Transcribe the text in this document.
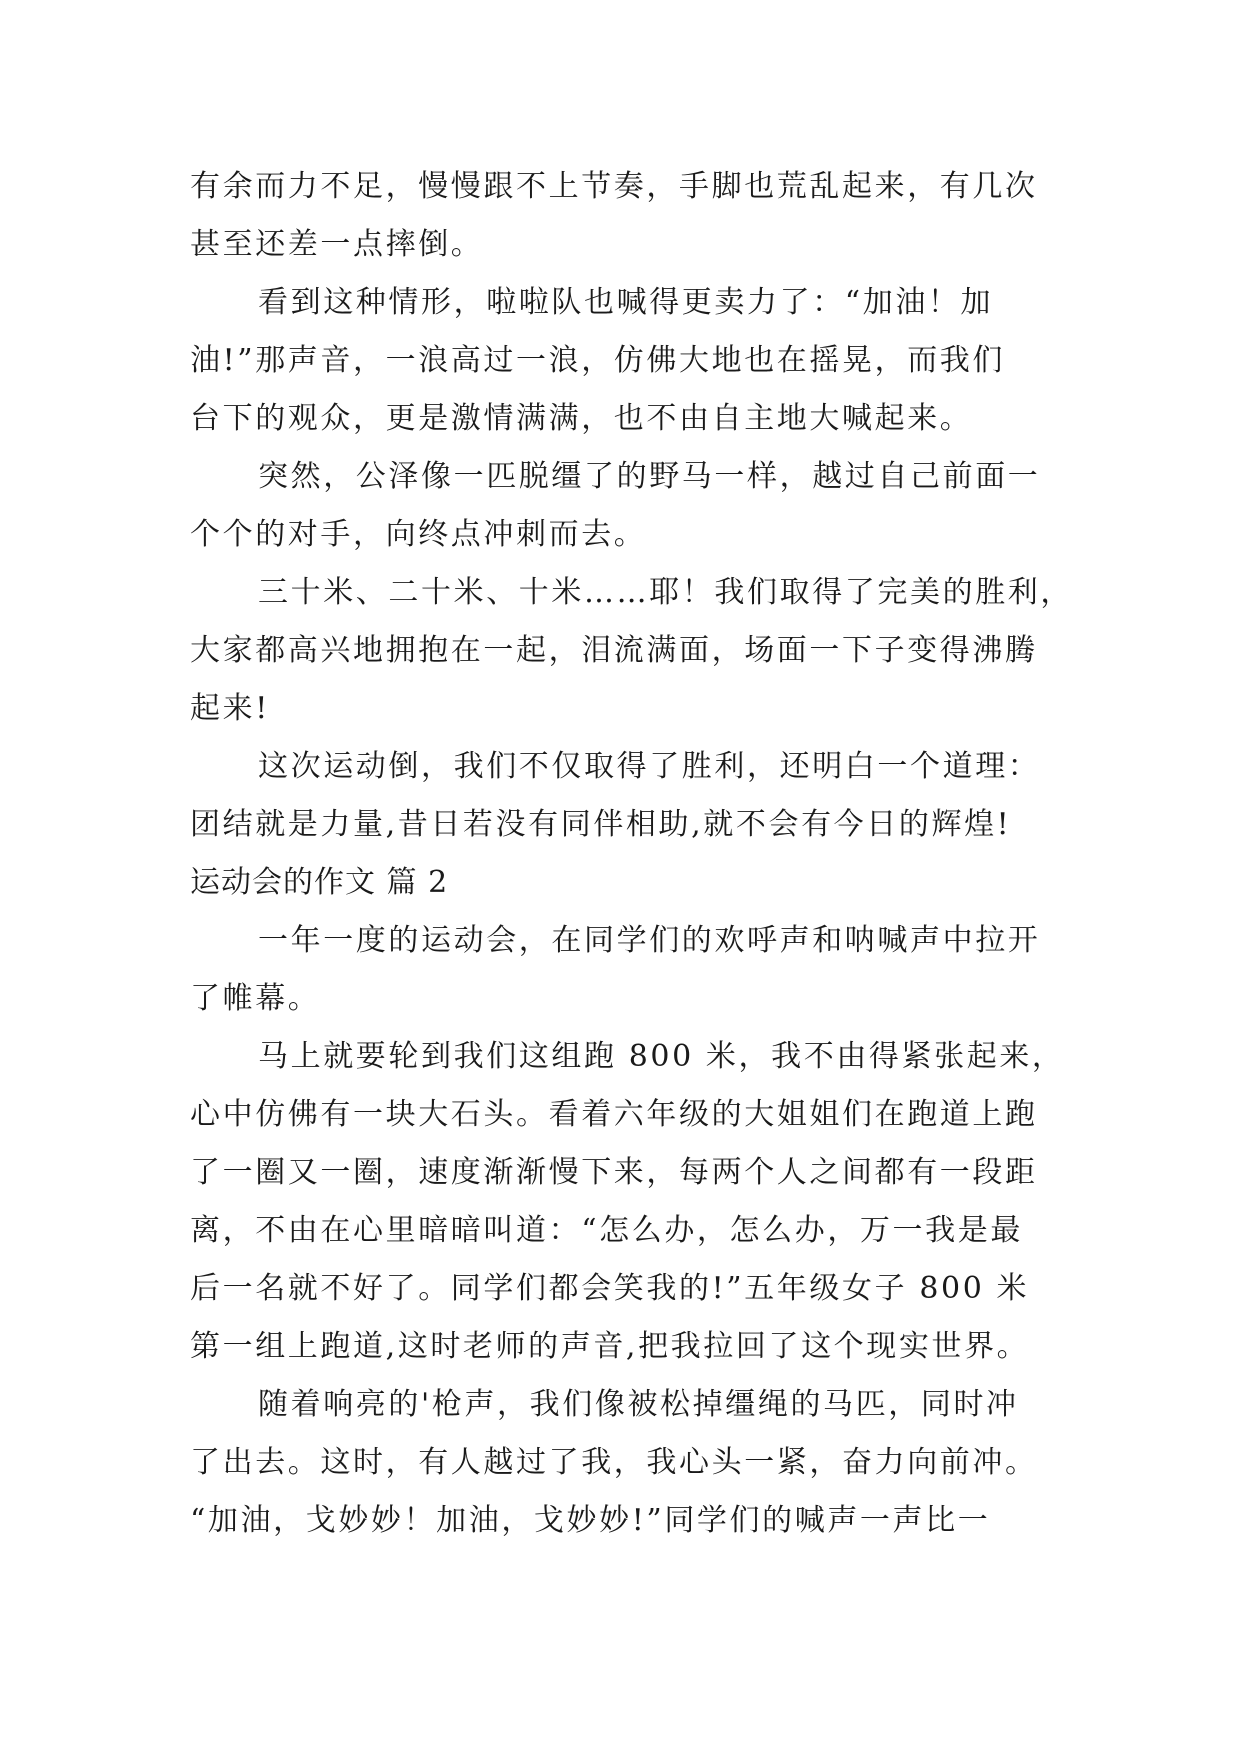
有余而力不足，慢慢跟不上节奏，手脚也荒乱起来，有几次
甚至还差一点摔倒。
看到这种情形，啦啦队也喊得更卖力了：“加油！加
油!”那声音，一浪高过一浪，仿佛大地也在摇晃，而我们
台下的观众，更是激情满满，也不由自主地大喊起来。
突然，公泽像一匹脱缰了的野马一样，越过自己前面一
个个的对手，向终点冲刺而去。
三十米、二十米、十米……耶！我们取得了完美的胜利，
大家都高兴地拥抱在一起，泪流满面，场面一下子变得沸腾
起来!
这次运动倒，我们不仅取得了胜利，还明白一个道理：
团结就是力量,昔日若没有同伴相助,就不会有今日的辉煌!
运动会的作文 篇 2
一年一度的运动会，在同学们的欢呼声和呐喊声中拉开
了帷幕。
马上就要轮到我们这组跑 800 米，我不由得紧张起来，
心中仿佛有一块大石头。看着六年级的大姐姐们在跑道上跑
了一圈又一圈，速度渐渐慢下来，每两个人之间都有一段距
离，不由在心里暗暗叫道：“怎么办，怎么办，万一我是最
后一名就不好了。同学们都会笑我的!”五年级女子 800 米
第一组上跑道,这时老师的声音,把我拉回了这个现实世界。
随着响亮的'枪声，我们像被松掉缰绳的马匹，同时冲
了出去。这时，有人越过了我，我心头一紧，奋力向前冲。
“加油，戈妙妙！加油，戈妙妙!”同学们的喊声一声比一
